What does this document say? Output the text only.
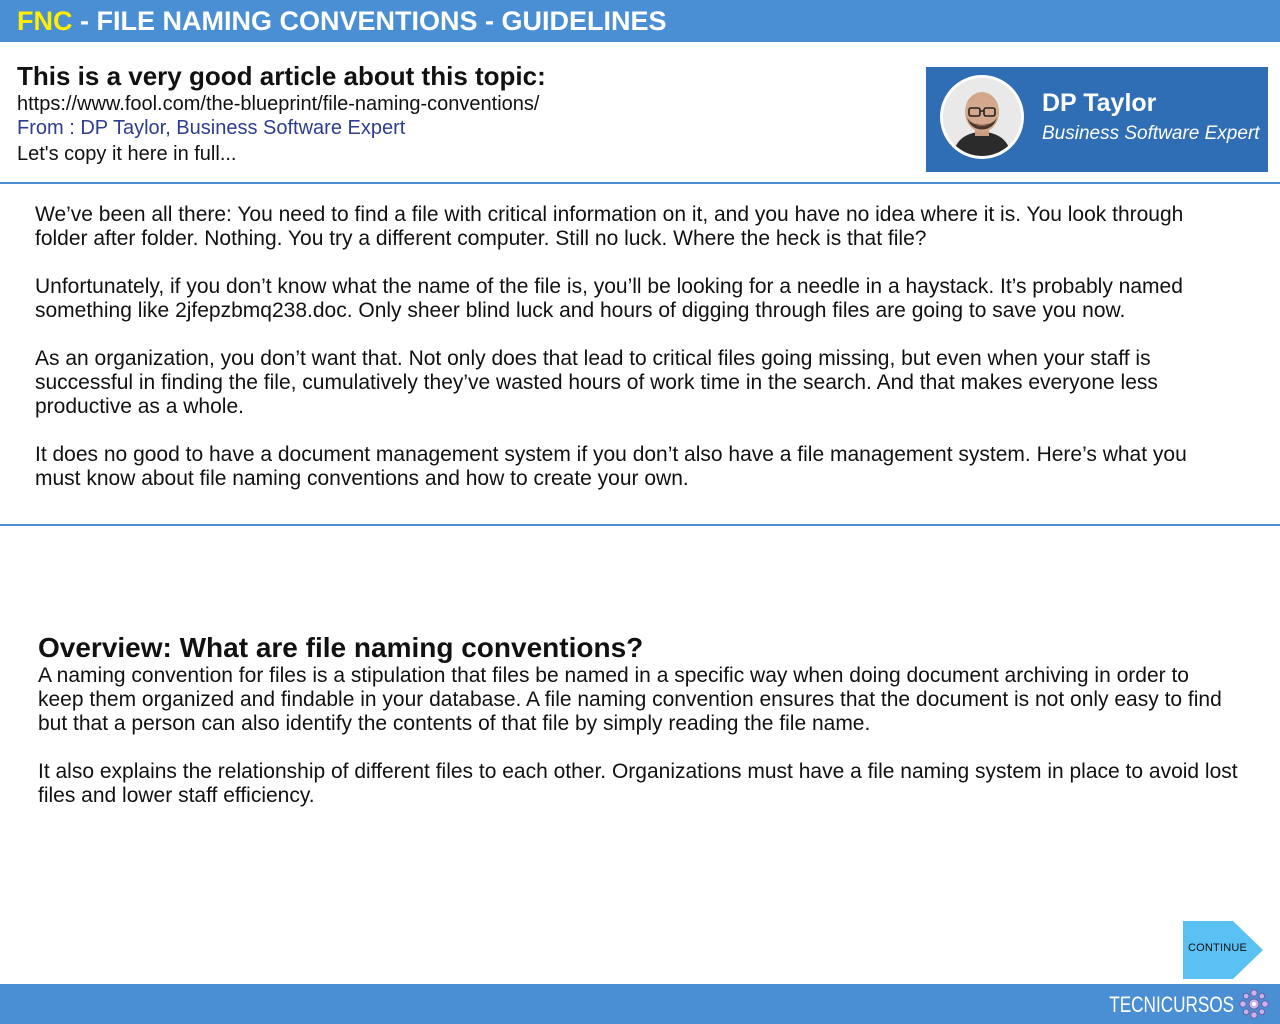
FNC - FILE NAMING CONVENTIONS - GUIDELINES
This is a very good article about this topic:
https://www.fool.com/the-blueprint/file-naming-conventions/
From : DP Taylor, Business Software Expert
Let's copy it here in full...
DP Taylor
Business Software Expert

We’ve been all there: You need to find a file with critical information on it, and you have no idea where it is. You look through folder after folder. Nothing. You try a different computer. Still no luck. Where the heck is that file?

Unfortunately, if you don’t know what the name of the file is, you’ll be looking for a needle in a haystack. It’s probably named something like 2jfepzbmq238.doc. Only sheer blind luck and hours of digging through files are going to save you now.

As an organization, you don’t want that. Not only does that lead to critical files going missing, but even when your staff is successful in finding the file, cumulatively they’ve wasted hours of work time in the search. And that makes everyone less productive as a whole.

It does no good to have a document management system if you don’t also have a file management system. Here’s what you must know about file naming conventions and how to create your own.

Overview: What are file naming conventions?

A naming convention for files is a stipulation that files be named in a specific way when doing document archiving in order to keep them organized and findable in your database. A file naming convention ensures that the document is not only easy to find but that a person can also identify the contents of that file by simply reading the file name.

It also explains the relationship of different files to each other. Organizations must have a file naming system in place to avoid lost files and lower staff efficiency.

CONTINUE
TECNICURSOS
